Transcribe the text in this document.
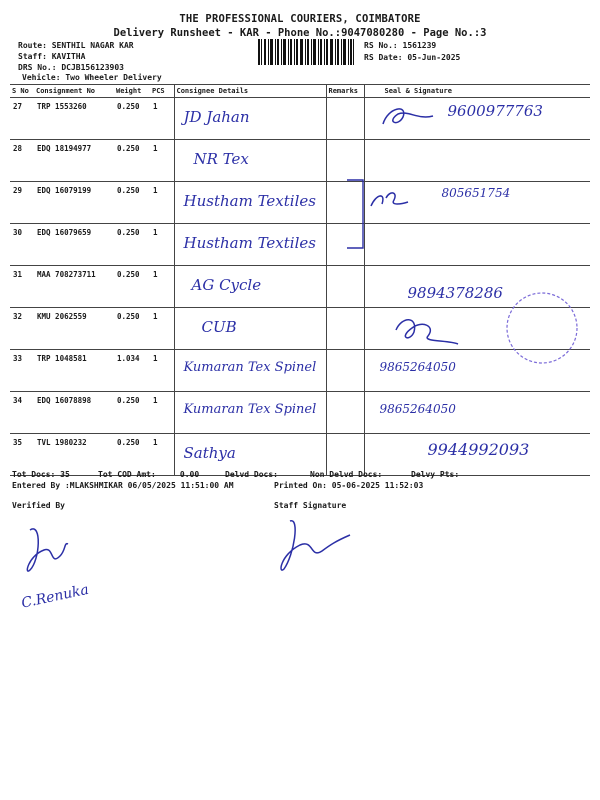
THE PROFESSIONAL COURIERS, COIMBATORE
Delivery Runsheet - KAR - Phone No.:9047080280 - Page No.:3
Route: SENTHIL NAGAR KAR
Staff: KAVITHA
DRS No.: DCJB156123903
Vehicle: Two Wheeler Delivery
RS No.: 1561239
RS Date: 05-Jun-2025
S No	Consignment No	Weight	PCS	Consignee Details	Remarks	Seal & Signature
27	TRP 1553260	0.250	1	JD Jahan		9600977763
28	EDQ 18194977	0.250	1	NR Tex		

29	EDQ 16079199	0.250	1	Hustham Textiles		805651754
30	EDQ 16079659	0.250	1	Hustham Textiles		

31	MAA 708273711	0.250	1	AG Cycle		9894378286

32	KMU 2062559	0.250	1	CUB

33	TRP 1048581	1.034	1	Kumaran Tex Spinel		9865264050

34	EDQ 16078898	0.250	1	Kumaran Tex Spinel		9865264050

35	TVL 1980232	0.250	1	Sathya		9944992093
Tot Docs: 35	Tot COD Amt:     0.00	Delvd Docs:	Non Delvd Docs:	Delvy Pts:
Entered By :MLAKSHMIKAR 06/05/2025 11:51:00 AM	Printed On: 05-06-2025 11:52:03
Verified By	Staff Signature
C.Renuka
